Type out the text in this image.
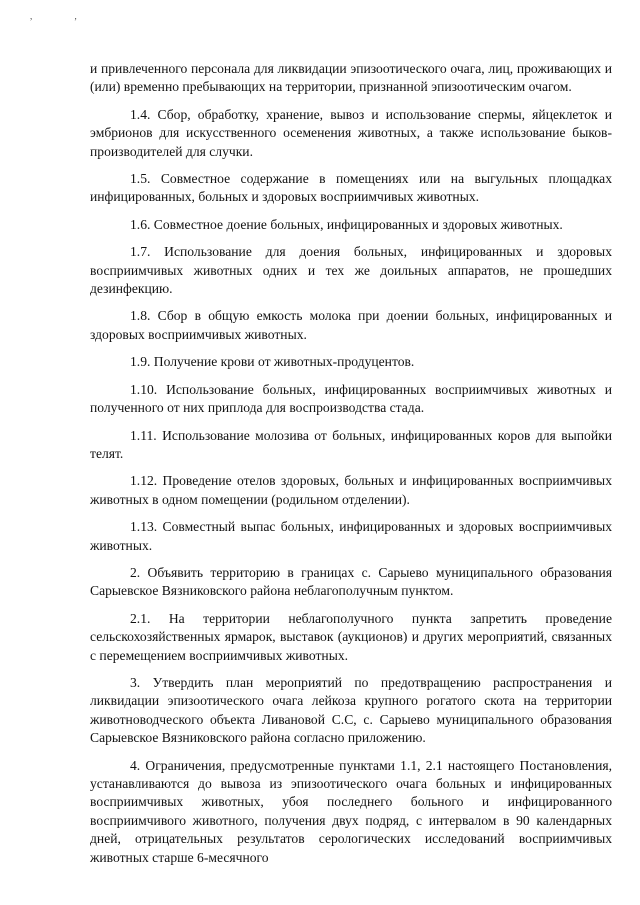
, ,

и привлеченного персонала для ликвидации эпизоотического очага, лиц, проживающих и (или) временно пребывающих на территории, признанной эпизоотическим очагом.

1.4. Сбор, обработку, хранение, вывоз и использование спермы, яйцеклеток и эмбрионов для искусственного осеменения животных, а также использование быков-производителей для случки.

1.5. Совместное содержание в помещениях или на выгульных площадках инфицированных, больных и здоровых восприимчивых животных.

1.6. Совместное доение больных, инфицированных и здоровых животных.

1.7. Использование для доения больных, инфицированных и здоровых восприимчивых животных одних и тех же доильных аппаратов, не прошедших дезинфекцию.

1.8. Сбор в общую емкость молока при доении больных, инфицированных и здоровых восприимчивых животных.

1.9. Получение крови от животных-продуцентов.

1.10. Использование больных, инфицированных восприимчивых животных и полученного от них приплода для воспроизводства стада.

1.11. Использование молозива от больных, инфицированных коров для выпойки телят.

1.12. Проведение отелов здоровых, больных и инфицированных восприимчивых животных в одном помещении (родильном отделении).

1.13. Совместный выпас больных, инфицированных и здоровых восприимчивых животных.

2. Объявить территорию в границах с. Сарыево муниципального образования Сарыевское Вязниковского района неблагополучным пунктом.

2.1. На территории неблагополучного пункта запретить проведение сельскохозяйственных ярмарок, выставок (аукционов) и других мероприятий, связанных с перемещением восприимчивых животных.

3. Утвердить план мероприятий по предотвращению распространения и ликвидации эпизоотического очага лейкоза крупного рогатого скота на территории животноводческого объекта Ливановой С.С, с. Сарыево муниципального образования Сарыевское Вязниковского района согласно приложению.

4. Ограничения, предусмотренные пунктами 1.1, 2.1 настоящего Постановления, устанавливаются до вывоза из эпизоотического очага больных и инфицированных восприимчивых животных, убоя последнего больного и инфицированного восприимчивого животного, получения двух подряд, с интервалом в 90 календарных дней, отрицательных результатов серологических исследований восприимчивых животных старше 6-месячного
